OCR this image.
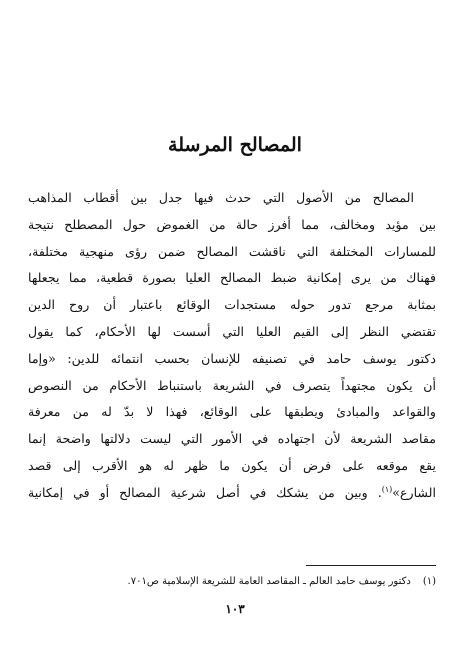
المصالح المرسلة
المصالح من الأصول التي حدث فيها جدل بين أقطاب المذاهب
بين مؤيد ومخالف، مما أفرز حالة من الغموض حول المصطلح نتيجة
للمسارات المختلفة التي ناقشت المصالح ضمن رؤى منهجية مختلفة،
فهناك من يرى إمكانية ضبط المصالح العليا بصورة قطعية، مما يجعلها
بمثابة مرجع تدور حوله مستجدات الوقائع باعتبار أن روح الدين
تقتضي النظر إلى القيم العليا التي أسست لها الأحكام، كما يقول
دكتور يوسف حامد في تصنيفه للإنسان بحسب انتمائه للدين: «وإما
أن يكون مجتهداً يتصرف في الشريعة باستنباط الأحكام من النصوص
والقواعد والمبادئ ويطبقها على الوقائع، فهذا لا بدّ له من معرفة
مقاصد الشريعة لأن اجتهاده في الأمور التي ليست دلالتها واضحة إنما
يقع موقعه على فرض أن يكون ما ظهر له هو الأقرب إلى قصد
الشارع»$^{(١)}$. وبين من يشكك في أصل شرعية المصالح أو في إمكانية
(١)دكتور يوسف حامد العالم ـ المقاصد العامة للشريعة الإسلامية ص٧٠١.
١٠٣
